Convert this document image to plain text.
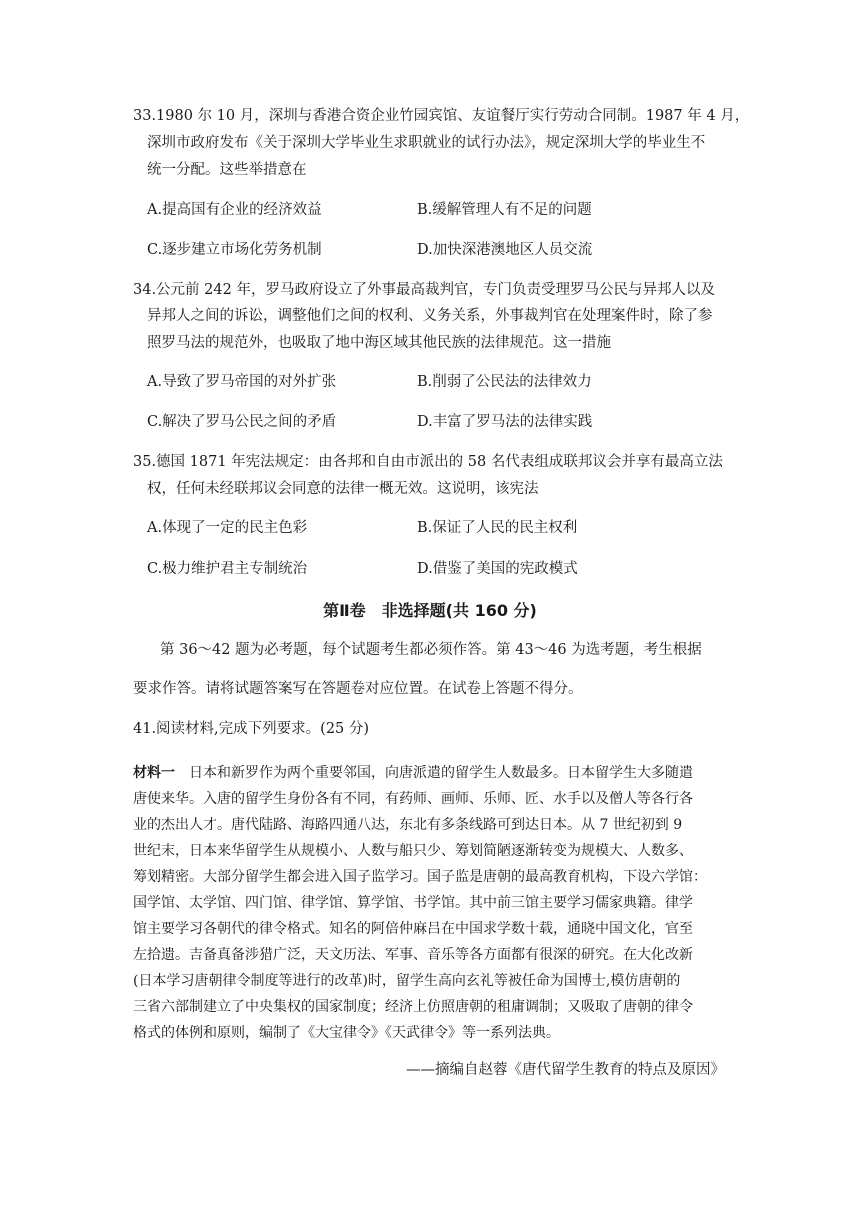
33.1980 尔 10 月，深圳与香港合资企业竹园宾馆、友谊餐厅实行劳动合同制。1987 年 4 月，
深圳市政府发布《关于深圳大学毕业生求职就业的试行办法》，规定深圳大学的毕业生不
统一分配。这些举措意在
A.提高国有企业的经济效益	B.缓解管理人有不足的问题
C.逐步建立市场化劳务机制	D.加快深港澳地区人员交流
34.公元前 242 年，罗马政府设立了外事最高裁判官，专门负责受理罗马公民与异邦人以及
异邦人之间的诉讼，调整他们之间的权利、义务关系，外事裁判官在处理案件时，除了参
照罗马法的规范外，也吸取了地中海区域其他民族的法律规范。这一措施
A.导致了罗马帝国的对外扩张	B.削弱了公民法的法律效力
C.解决了罗马公民之间的矛盾	D.丰富了罗马法的法律实践
35.德国 1871 年宪法规定：由各邦和自由市派出的 58 名代表组成联邦议会并享有最高立法
权，任何未经联邦议会同意的法律一概无效。这说明，该宪法
A.体现了一定的民主色彩	B.保证了人民的民主权利
C.极力维护君主专制统治	D.借鉴了美国的宪政模式
第Ⅱ卷　非选择题(共 160 分)
第 36～42 题为必考题，每个试题考生都必须作答。第 43～46 为选考题，考生根据
要求作答。请将试题答案写在答题卷对应位置。在试卷上答题不得分。
41.阅读材料,完成下列要求。(25 分)
材料一　日本和新罗作为两个重要邻国，向唐派遣的留学生人数最多。日本留学生大多随遣
唐使来华。入唐的留学生身份各有不同，有药师、画师、乐师、匠、水手以及僧人等各行各
业的杰出人才。唐代陆路、海路四通八达，东北有多条线路可到达日本。从 7 世纪初到 9
世纪末，日本来华留学生从规模小、人数与船只少、筹划简陋逐渐转变为规模大、人数多、
筹划精密。大部分留学生都会进入国子监学习。国子监是唐朝的最高教育机构，下设六学馆：
国学馆、太学馆、四门馆、律学馆、算学馆、书学馆。其中前三馆主要学习儒家典籍。律学
馆主要学习各朝代的律令格式。知名的阿倍仲麻吕在中国求学数十载，通晓中国文化，官至
左拾遗。吉备真备涉猎广泛，天文历法、军事、音乐等各方面都有很深的研究。在大化改新
(日本学习唐朝律令制度等进行的改革)时，留学生高向玄礼等被任命为国博士,模仿唐朝的
三省六部制建立了中央集权的国家制度；经济上仿照唐朝的租庸调制；又吸取了唐朝的律令
格式的体例和原则，编制了《大宝律令》《天武律令》等一系列法典。
——摘编自赵蓉《唐代留学生教育的特点及原因》
